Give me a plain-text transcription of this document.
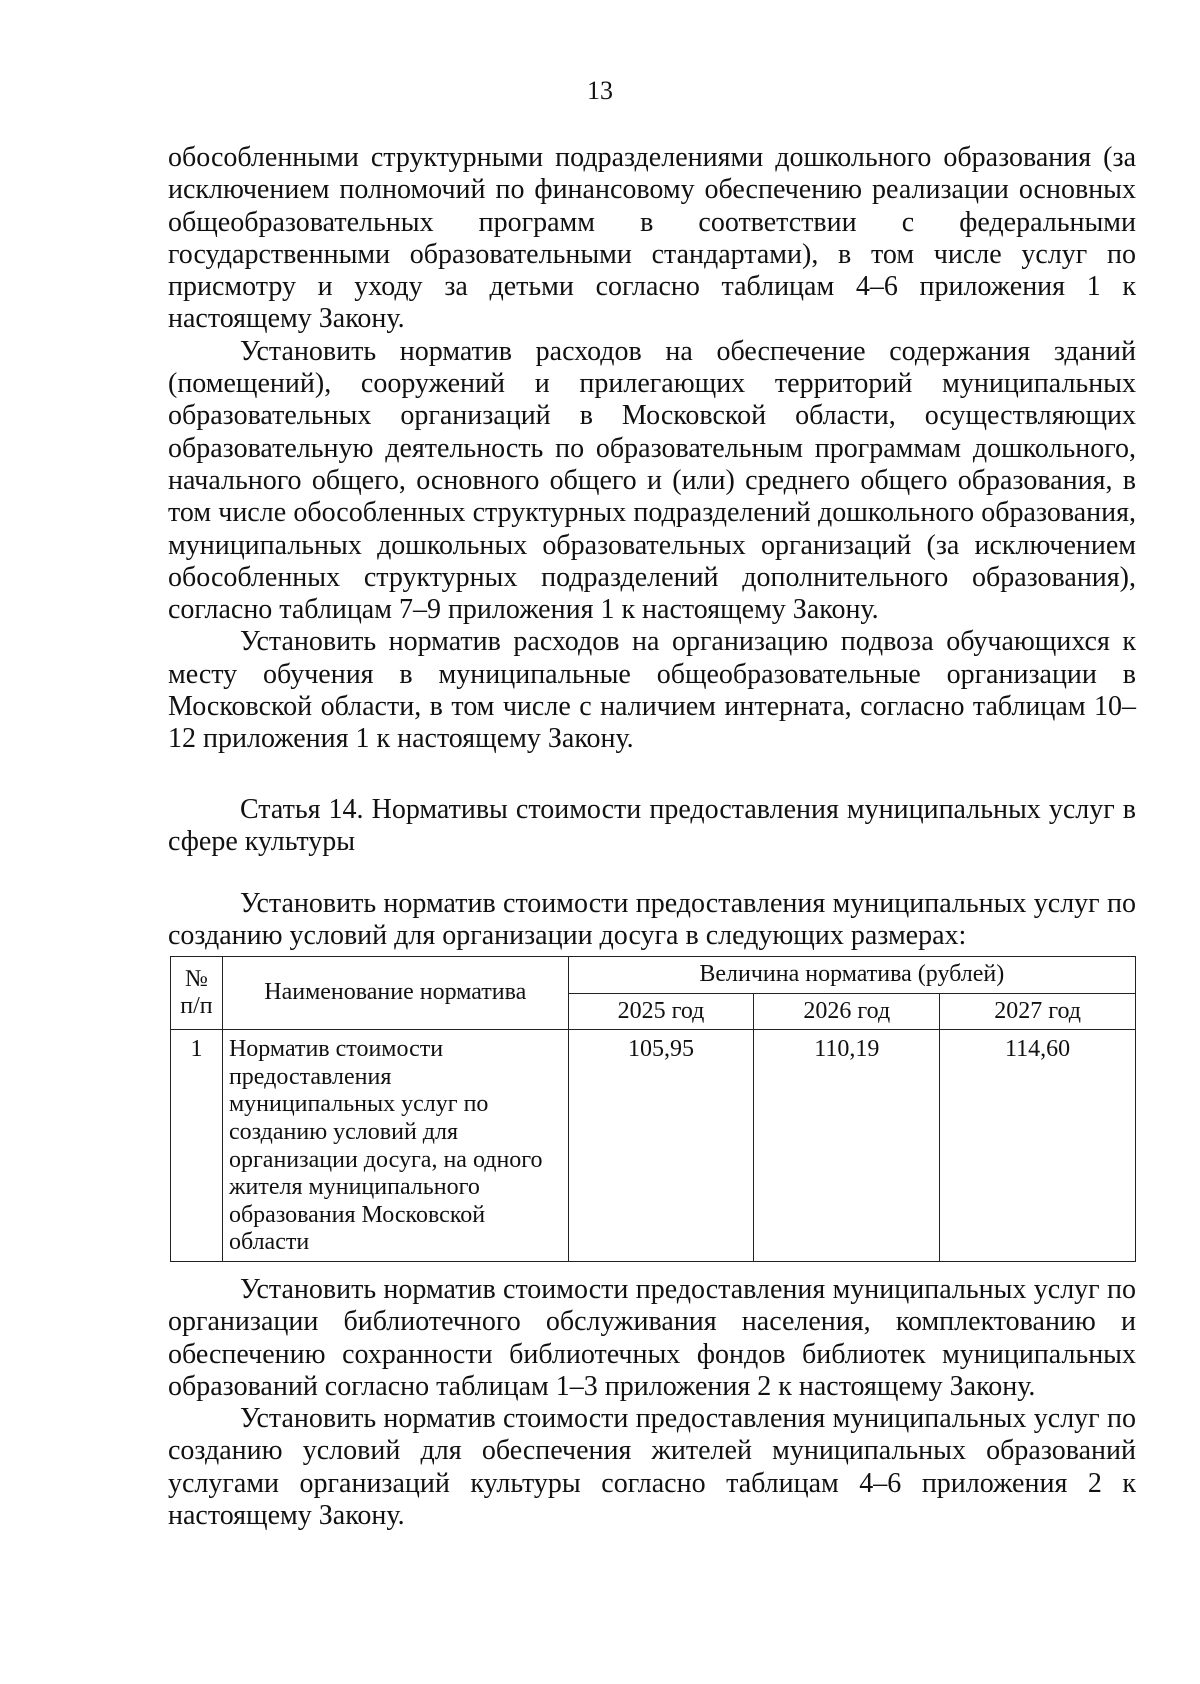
13

обособленными структурными подразделениями дошкольного образования (за исключением полномочий по финансовому обеспечению реализации основных общеобразовательных программ в соответствии с федеральными государственными образовательными стандартами), в том числе услуг по присмотру и уходу за детьми согласно таблицам 4–6 приложения 1 к настоящему Закону.

Установить норматив расходов на обеспечение содержания зданий (помещений), сооружений и прилегающих территорий муниципальных образовательных организаций в Московской области, осуществляющих образовательную деятельность по образовательным программам дошкольного, начального общего, основного общего и (или) среднего общего образования, в том числе обособленных структурных подразделений дошкольного образования, муниципальных дошкольных образовательных организаций (за исключением обособленных структурных подразделений дополнительного образования), согласно таблицам 7–9 приложения 1 к настоящему Закону.

Установить норматив расходов на организацию подвоза обучающихся к месту обучения в муниципальные общеобразовательные организации в Московской области, в том числе с наличием интерната, согласно таблицам 10–12 приложения 1 к настоящему Закону.

Статья 14. Нормативы стоимости предоставления муниципальных услуг в сфере культуры

Установить норматив стоимости предоставления муниципальных услуг по созданию условий для организации досуга в следующих размерах:

№ п/п	Наименование норматива	Величина норматива (рублей)		
		2025 год	2026 год	2027 год
1	Норматив стоимости предоставления муниципальных услуг по созданию условий для организации досуга, на одного жителя муниципального образования Московской области	105,95	110,19	114,60

Установить норматив стоимости предоставления муниципальных услуг по организации библиотечного обслуживания населения, комплектованию и обеспечению сохранности библиотечных фондов библиотек муниципальных образований согласно таблицам 1–3 приложения 2 к настоящему Закону.

Установить норматив стоимости предоставления муниципальных услуг по созданию условий для обеспечения жителей муниципальных образований услугами организаций культуры согласно таблицам 4–6 приложения 2 к настоящему Закону.
